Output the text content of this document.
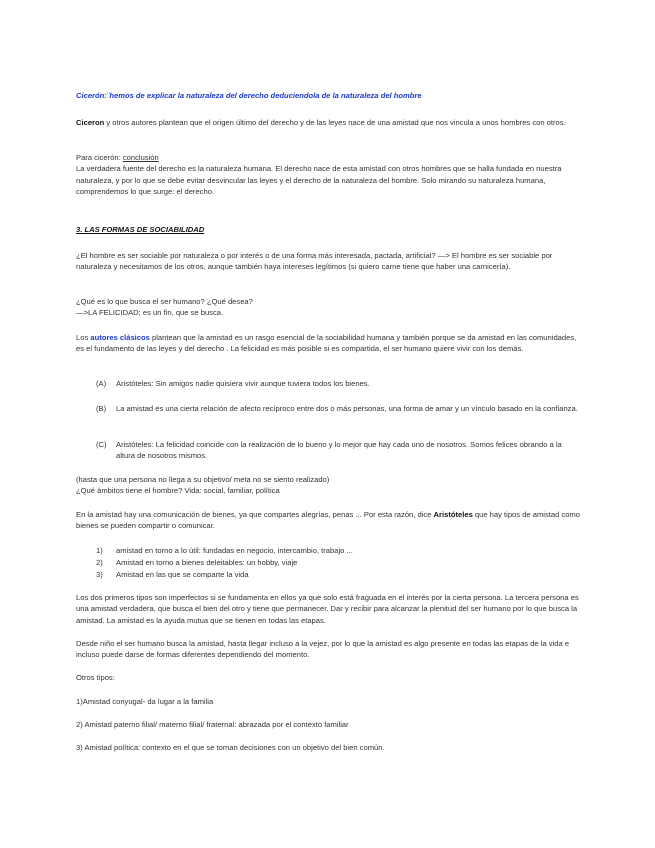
Cicerón:¨hemos de explicar la naturaleza del derecho deduciendola de la naturaleza del hombre

Ciceron y otros autores plantean que el origen último del derecho y de las leyes nace de una amistad que nos vincula a unos hombres con otros.

Para cicerón: conclusión
La verdadera fuente del derecho es la naturaleza humana. El derecho nace de esta amistad con otros hombres que se halla fundada en nuestra naturaleza, y por lo que se debe evitar desvincular las leyes y el derecho de la naturaleza del hombre. Solo mirando su naturaleza humana, comprendemos lo que surge: el derecho.

3. LAS FORMAS DE SOCIABILIDAD

¿El hombre es ser sociable por naturaleza o por interés o de una forma más interesada, pactada, artificial? —> El hombre es ser sociable por naturaleza y necesitamos de los otros, aunque también haya intereses legítimos (si quiero carne tiene que haber una carnicería).

¿Qué es lo que busca el ser humano? ¿Qué desea?
—>LA FELICIDAD; es un fin, que se busca.

Los autores clásicos plantean que la amistad es un rasgo esencial de la sociabilidad humana y también porque se da amistad en las comunidades, es el fundamento de las leyes y del derecho . La felicidad es más posible si es compartida, el ser humano quiere vivir con los demás.

(A) Aristóteles: Sin amigos nadie quisiera vivir aunque tuviera todos los bienes.
(B) La amistad es una cierta relación de afecto recíproco entre dos o más personas, una forma de amar y un vínculo basado en la confianza.
(C) Aristóteles: La felicidad coincide con la realización de lo bueno y lo mejor que hay cada uno de nosotros. Somos felices obrando a la altura de nosotros mismos.

(hasta que una persona no llega a su objetivo/ meta no se siento realizado)
¿Qué ámbitos tiene el hombre? Vida: social, familiar, política

En la amistad hay una comunicación de bienes, ya que compartes alegrías, penas ... Por esta razón, dice Aristóteles que hay tipos de amistad como bienes se pueden compartir o comunicar.

1) amistad en torno a lo útil: fundadas en negocio, intercambio, trabajo ...
2) Amistad en torno a bienes deleitables: un hobby, viaje
3) Amistad en las que se comparte la vida

Los dos primeros tipos son imperfectos si se fundamenta en ellos ya que solo está fraguada en el interés por la cierta persona. La tercera persona es una amistad verdadera, que busca el bien del otro y tiene que permanecer. Dar y recibir para alcanzar la plenitud del ser humano por lo que busca la amistad. La amistad es la ayuda mutua que se tienen en todas las etapas.

Desde niño el ser humano busca la amistad, hasta llegar incluso a la vejez, por lo que la amistad es algo presente en todas las etapas de la vida e incluso puede darse de formas diferentes dependiendo del momento.

Otros tipos:

1)Amistad conyugal- da lugar a la familia

2) Amistad paterno filial/ materno filial/ fraternal: abrazada por el contexto familiar

3) Amistad política: contexto en el que se toman decisiones con un objetivo del bien común.
